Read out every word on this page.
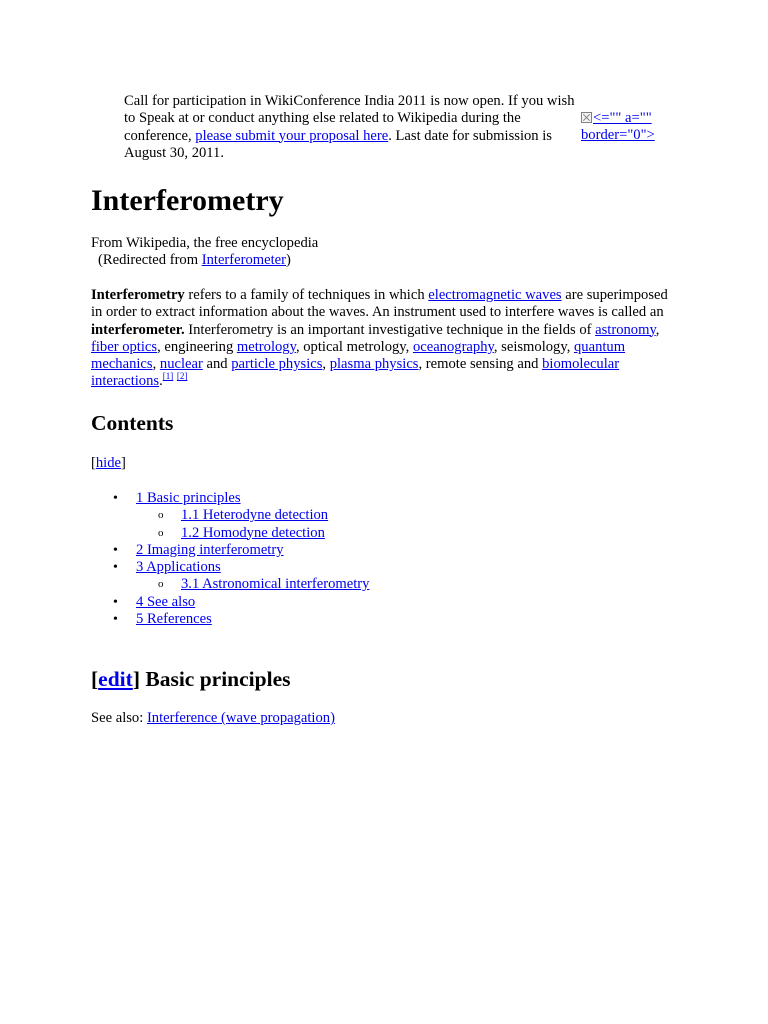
Call for participation in WikiConference India 2011 is now open. If you wish to Speak at or conduct anything else related to Wikipedia during the conference, please submit your proposal here. Last date for submission is August 30, 2011.

<="" a=""
border="0">
Interferometry

From Wikipedia, the free encyclopedia

(Redirected from Interferometer)

Interferometry refers to a family of techniques in which electromagnetic waves are superimposed in order to extract information about the waves. An instrument used to interfere waves is called an interferometer. Interferometry is an important investigative technique in the fields of astronomy, fiber optics, engineering metrology, optical metrology, oceanography, seismology, quantum mechanics, nuclear and particle physics, plasma physics, remote sensing and biomolecular interactions.[1] [2]

Contents

[hide]

• 1 Basic principles
o 1.1 Heterodyne detection
o 1.2 Homodyne detection
• 2 Imaging interferometry
• 3 Applications
o 3.1 Astronomical interferometry
• 4 See also
• 5 References
[edit] Basic principles

See also: Interference (wave propagation)
